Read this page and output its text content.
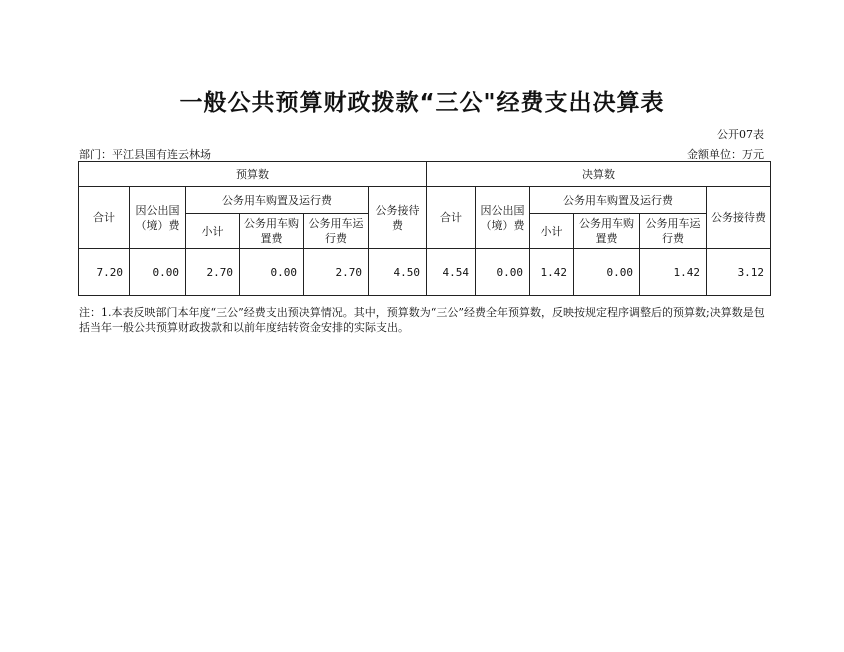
一般公共预算财政拨款“三公"经费支出决算表
公开07表
部门：平江县国有连云林场	金额单位：万元
预算数						决算数					
合计	因公出国（境）费	公务用车购置及运行费			公务接待费	合计	因公出国（境）费	公务用车购置及运行费			公务接待费
		小计	公务用车购置费	公务用车运行费				小计	公务用车购置费	公务用车运行费	
7.20	0.00	2.70	0.00	2.70	4.50	4.54	0.00	1.42	0.00	1.42	3.12
注：1.本表反映部门本年度“三公”经费支出预决算情况。其中，预算数为“三公”经费全年预算数，反映按规定程序调整后的预算数;决算数是包括当年一般公共预算财政拨款和以前年度结转资金安排的实际支出。
